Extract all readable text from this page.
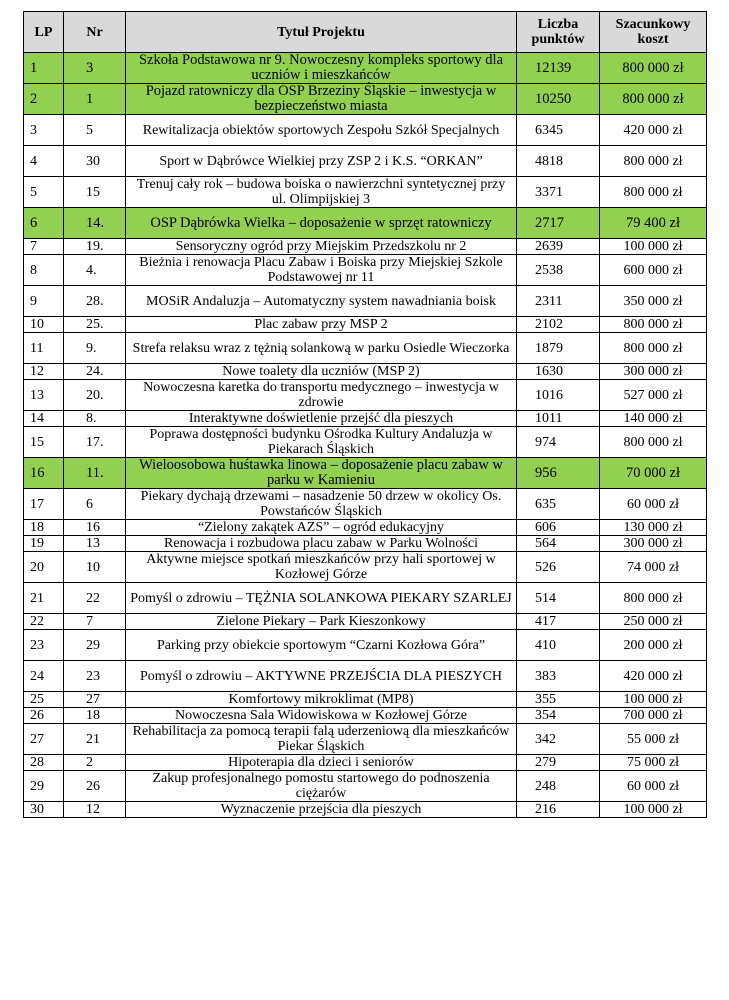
LP	Nr	Tytuł Projektu	Liczba punktów	Szacunkowy koszt
1	3	Szkoła Podstawowa nr 9. Nowoczesny kompleks sportowy dla uczniów i mieszkańców	12139	800 000 zł
2	1	Pojazd ratowniczy dla OSP Brzeziny Śląskie – inwestycja w bezpieczeństwo miasta	10250	800 000 zł
3	5	Rewitalizacja obiektów sportowych Zespołu Szkół Specjalnych	6345	420 000 zł
4	30	Sport w Dąbrówce Wielkiej przy ZSP 2 i K.S. “ORKAN”	4818	800 000 zł
5	15	Trenuj cały rok – budowa boiska o nawierzchni syntetycznej przy ul. Olimpijskiej 3	3371	800 000 zł
6	14.	OSP Dąbrówka Wielka – doposażenie w sprzęt ratowniczy	2717	79 400 zł
7	19.	Sensoryczny ogród przy Miejskim Przedszkolu nr 2	2639	100 000 zł
8	4.	Bieżnia i renowacja Placu Zabaw i Boiska przy Miejskiej Szkole Podstawowej nr 11	2538	600 000 zł
9	28.	MOSiR Andaluzja – Automatyczny system nawadniania boisk	2311	350 000 zł
10	25.	Plac zabaw przy MSP 2	2102	800 000 zł
11	9.	Strefa relaksu wraz z tężnią solankową w parku Osiedle Wieczorka	1879	800 000 zł
12	24.	Nowe toalety dla uczniów (MSP 2)	1630	300 000 zł
13	20.	Nowoczesna karetka do transportu medycznego – inwestycja w zdrowie	1016	527 000 zł
14	8.	Interaktywne doświetlenie przejść dla pieszych	1011	140 000 zł
15	17.	Poprawa dostępności budynku Ośrodka Kultury Andaluzja w Piekarach Śląskich	974	800 000 zł
16	11.	Wieloosobowa huśtawka linowa – doposażenie placu zabaw w parku w Kamieniu	956	70 000 zł
17	6	Piekary dychają drzewami – nasadzenie 50 drzew w okolicy Os. Powstańców Śląskich	635	60 000 zł
18	16	“Zielony zakątek AZS” – ogród edukacyjny	606	130 000 zł
19	13	Renowacja i rozbudowa placu zabaw w Parku Wolności	564	300 000 zł
20	10	Aktywne miejsce spotkań mieszkańców przy hali sportowej w Kozłowej Górze	526	74 000 zł
21	22	Pomyśl o zdrowiu – TĘŻNIA SOLANKOWA PIEKARY SZARLEJ	514	800 000 zł
22	7	Zielone Piekary – Park Kieszonkowy	417	250 000 zł
23	29	Parking przy obiekcie sportowym “Czarni Kozłowa Góra”	410	200 000 zł
24	23	Pomyśl o zdrowiu – AKTYWNE PRZEJŚCIA DLA PIESZYCH	383	420 000 zł
25	27	Komfortowy mikroklimat (MP8)	355	100 000 zł
26	18	Nowoczesna Sala Widowiskowa w Kozłowej Górze	354	700 000 zł
27	21	Rehabilitacja za pomocą terapii falą uderzeniową dla mieszkańców Piekar Śląskich	342	55 000 zł
28	2	Hipoterapia dla dzieci i seniorów	279	75 000 zł
29	26	Zakup profesjonalnego pomostu startowego do podnoszenia ciężarów	248	60 000 zł
30	12	Wyznaczenie przejścia dla pieszych	216	100 000 zł
